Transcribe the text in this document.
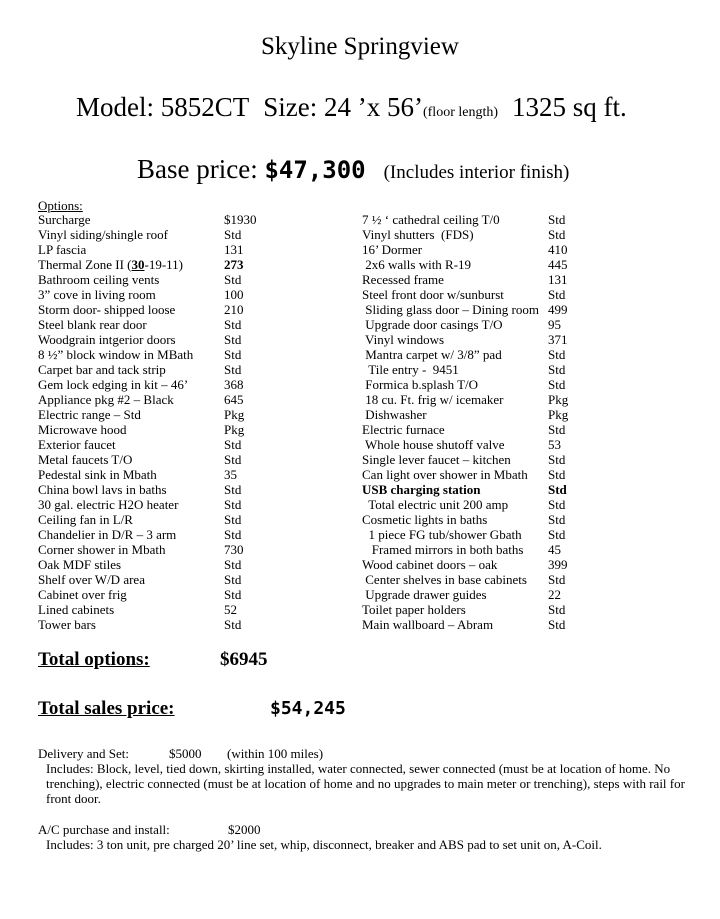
Skyline Springview

Model: 5852CT Size: 24 ’x 56’(floor length) 1325 sq ft.

Base price: $47,300 (Includes interior finish)

Options:

Surcharge	$1930
Vinyl siding/shingle roof	Std
LP fascia	131
Thermal Zone II (30-19-11)	273
Bathroom ceiling vents	Std
3” cove in living room	100
Storm door- shipped loose	210
Steel blank rear door	Std
Woodgrain intgerior doors	Std
8 ½” block window in MBath Std
Carpet bar and tack strip	Std
Gem lock edging in kit – 46’	368
Appliance pkg #2 – Black	645
Electric range – Std	Pkg
Microwave hood	Pkg
Exterior faucet	Std
Metal faucets T/O	Std
Pedestal sink in Mbath	35
China bowl lavs in baths	Std
30 gal. electric H2O heater	Std
Ceiling fan in L/R	Std
Chandelier in D/R – 3 arm	Std
Corner shower in Mbath	730
Oak MDF stiles	Std
Shelf over W/D area	Std
Cabinet over frig	Std
Lined cabinets	52
Tower bars	Std
7 ½ ‘ cathedral ceiling T/0	Std
Vinyl shutters  (FDS)	Std
16’ Dormer	410
2x6 walls with R-19	445
Recessed frame	131
Steel front door w/sunburst	Std
Sliding glass door – Dining room 499
Upgrade door casings T/O	95
Vinyl windows	371
Mantra carpet w/ 3/8” pad	Std
Tile entry -  9451	Std
Formica b.splash T/O	Std
18 cu. Ft. frig w/ icemaker	Pkg
Dishwasher	Pkg
Electric furnace	Std
Whole house shutoff valve	53
Single lever faucet – kitchen	Std
Can light over shower in Mbath Std
USB charging station	Std
Total electric unit 200 amp	Std
Cosmetic lights in baths	Std
1 piece FG tub/shower Gbath Std
Framed mirrors in both baths 45
Wood cabinet doors – oak	399
Center shelves in base cabinets Std
Upgrade drawer guides	22
Toilet paper holders	Std
Main wallboard – Abram	Std
Total options:	$6945
Total sales price:	$54,245
Delivery and Set:	$5000 (within 100 miles)
Includes: Block, level, tied down, skirting installed, water connected, sewer connected (must be at location of home. No trenching), electric connected (must be at location of home and no upgrades to main meter or trenching), steps with rail for front door.
A/C purchase and install:	$2000
Includes: 3 ton unit, pre charged 20’ line set, whip, disconnect, breaker and ABS pad to set unit on, A-Coil.
